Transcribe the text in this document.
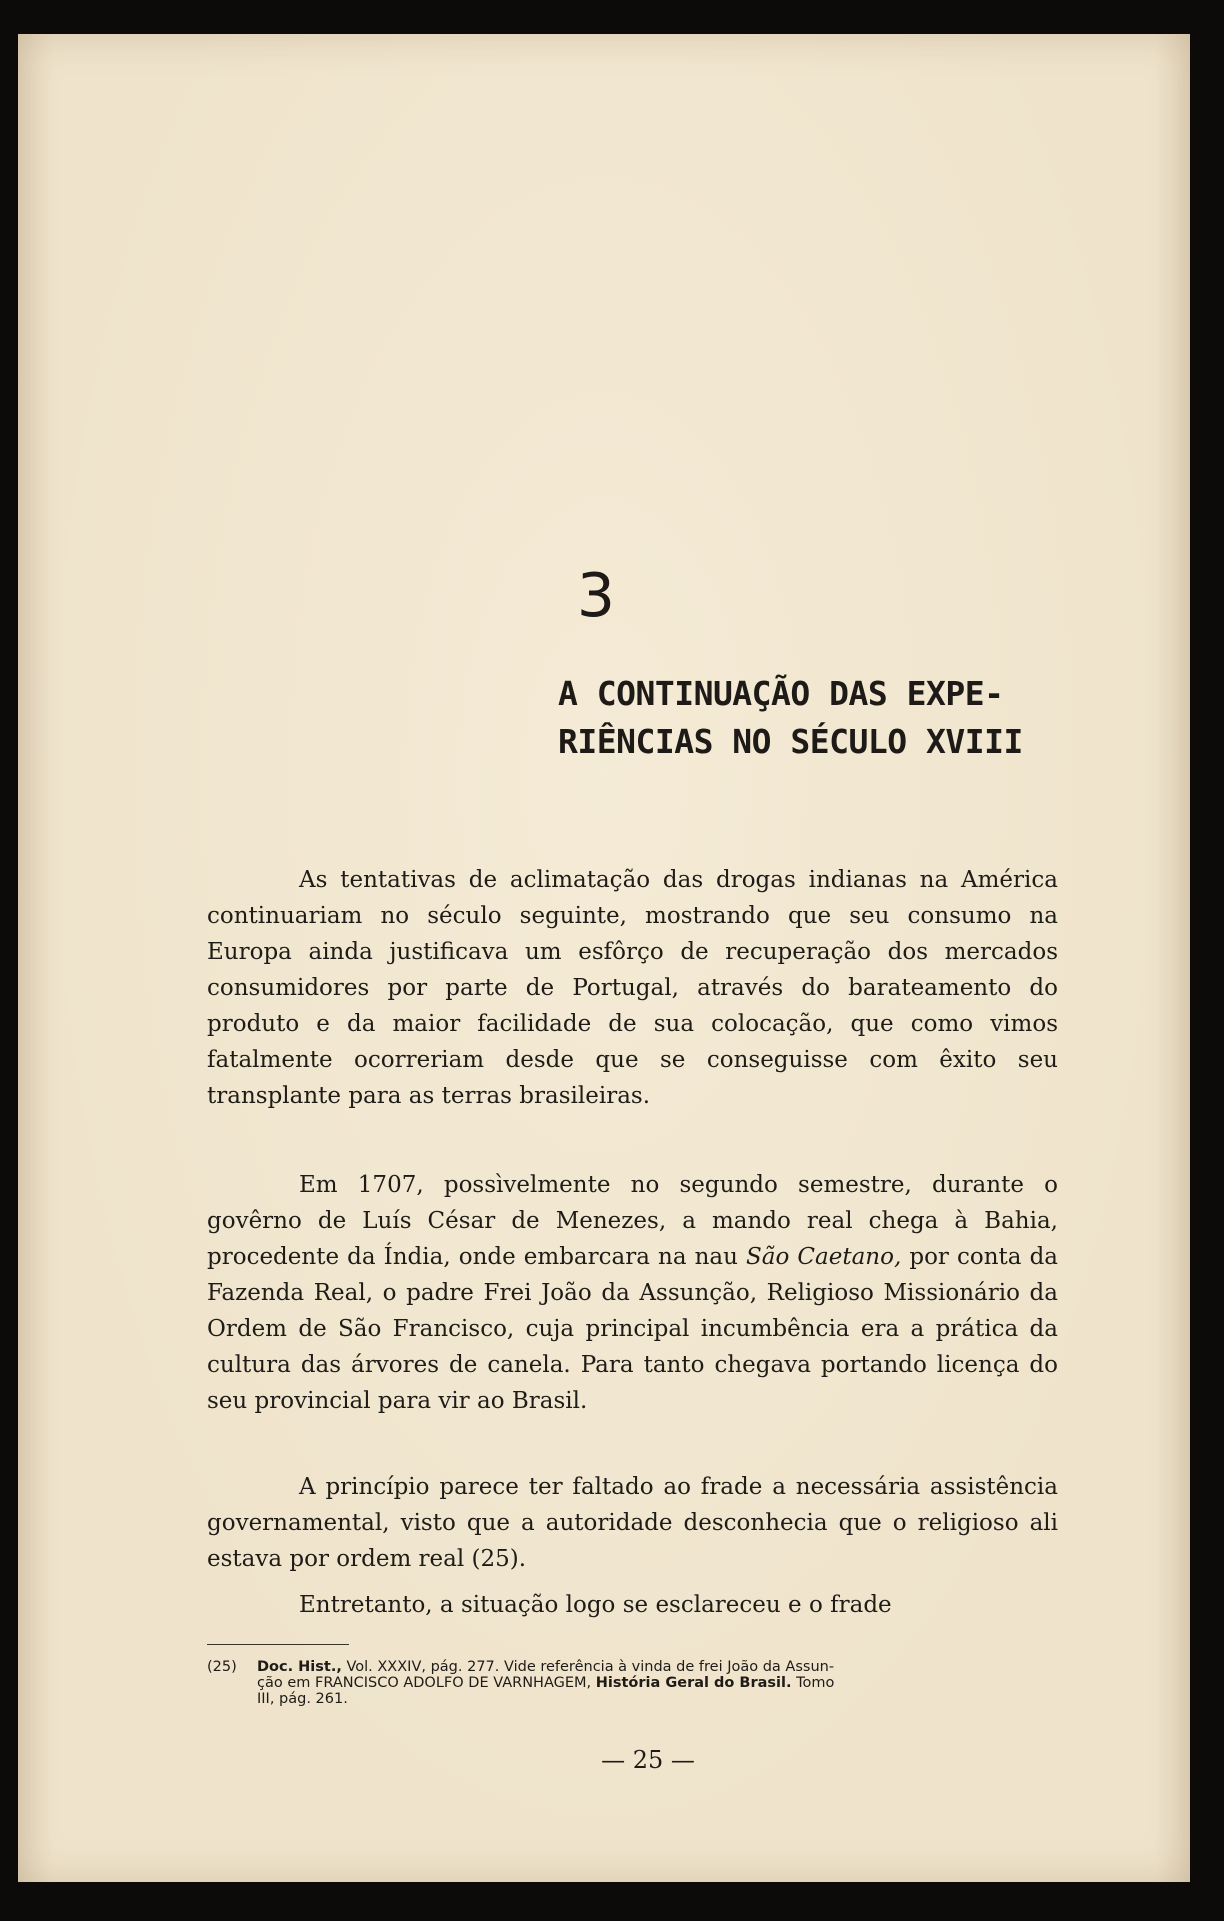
3
A CONTINUAÇÃO DAS EXPE-
RIÊNCIAS NO SÉCULO XVIII

As tentativas de aclimatação das drogas indianas na América continuariam no século seguinte, mostrando que seu consumo na Europa ainda justificava um esfôrço de recuperação dos mercados consumidores por parte de Portugal, através do barateamento do produto e da maior facilidade de sua colocação, que como vimos fatalmente ocorreriam desde que se conseguisse com êxito seu transplante para as terras brasileiras.

Em 1707, possìvelmente no segundo semestre, durante o govêrno de Luís César de Menezes, a mando real chega à Bahia, procedente da Índia, onde embarcara na nau São Caetano, por conta da Fazenda Real, o padre Frei João da Assunção, Religioso Missionário da Ordem de São Francisco, cuja principal incumbência era a prática da cultura das árvores de canela. Para tanto chegava portando licença do seu provincial para vir ao Brasil.

A princípio parece ter faltado ao frade a necessária assistência governamental, visto que a autoridade desconhecia que o religioso ali estava por ordem real (25).

Entretanto, a situação logo se esclareceu e o frade

(25) Doc. Hist., Vol. XXXIV, pág. 277. Vide referência à vinda de frei João da Assun-
ção em FRANCISCO ADOLFO DE VARNHAGEM, História Geral do Brasil. Tomo
III, pág. 261.
— 25 —
